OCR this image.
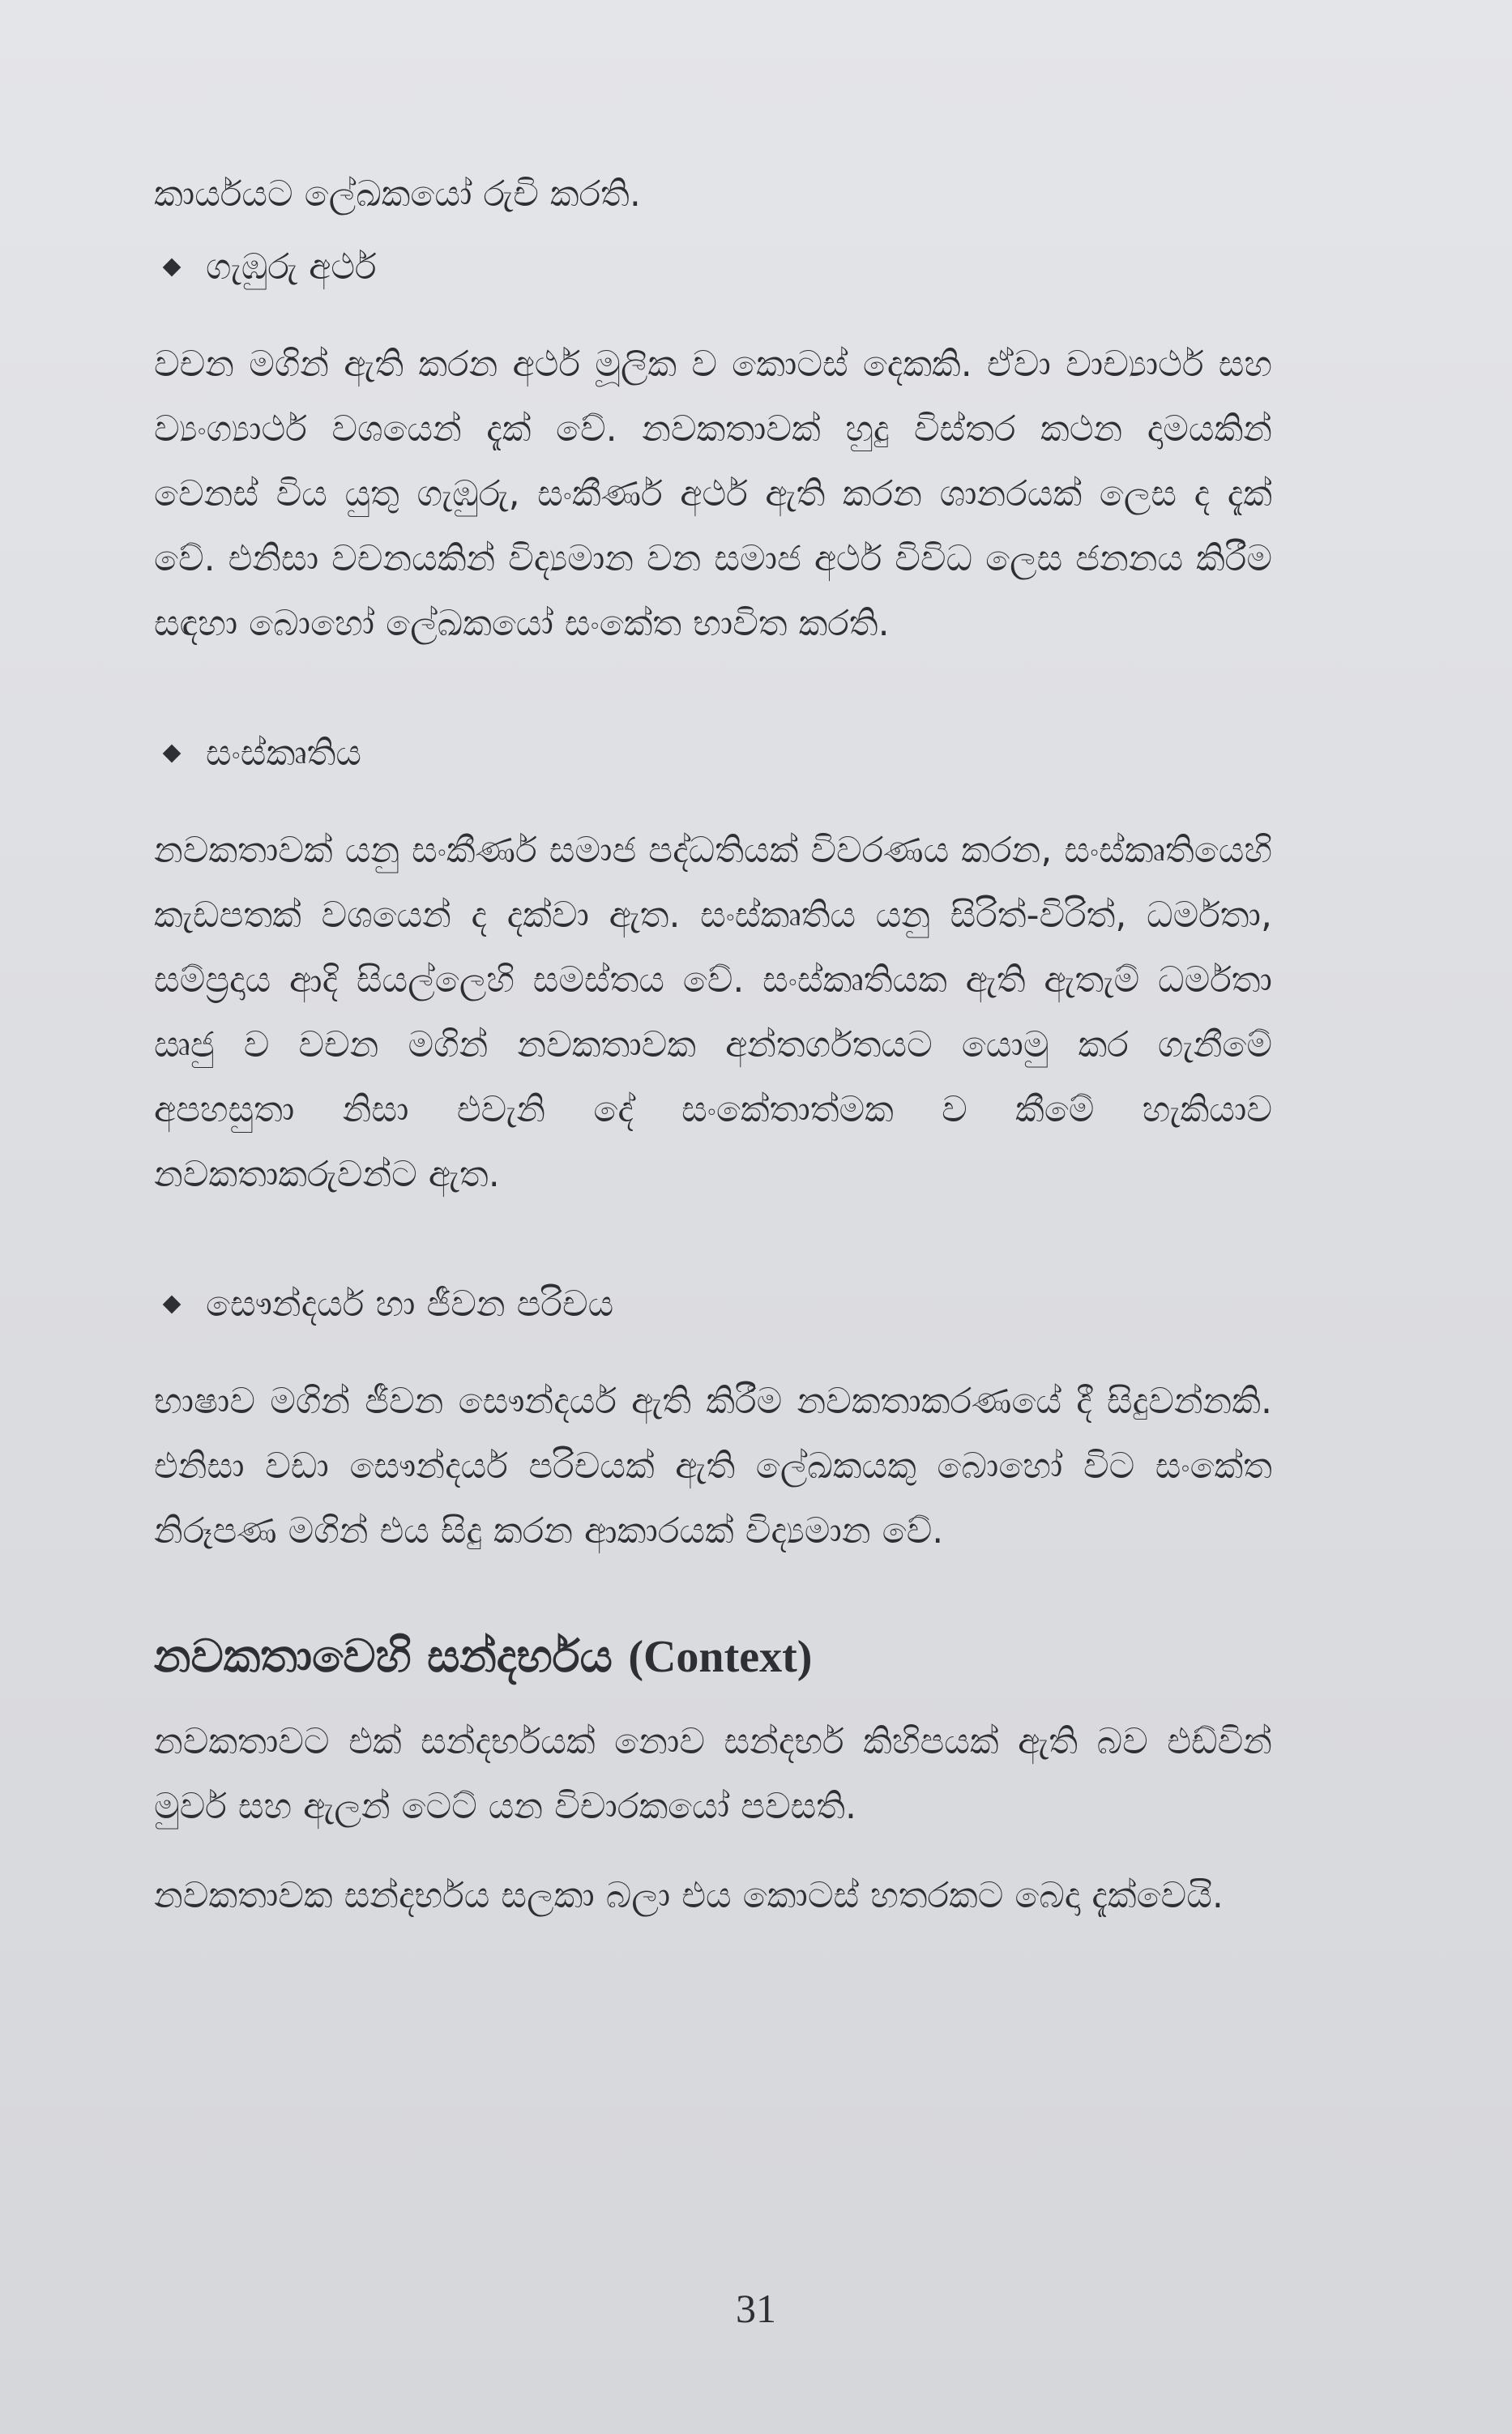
කාර්යයට ලේඛකයෝ රුචි කරති.

ගැඹුරු අර්ථ

වචන මගින් ඇති කරන අර්ථ මූලික ව කොටස් දෙකකි. ඒවා වාච්‍යාර්ථ සහ ව්‍යංග්‍යාර්ථ වශයෙන් දැක් වේ. නවකතාවක් හුදු විස්තර කථන දාමයකින් වෙනස් විය යුතු ගැඹුරු, සංකීර්ණ අර්ථ ඇති කරන ශානරයක් ලෙස ද දැක් වේ. එනිසා වචනයකින් විද්‍යමාන වන සමාජ අර්ථ විවිධ ලෙස ජනනය කිරීම සඳහා බොහෝ ලේඛකයෝ සංකේත භාවිත කරති.

සංස්කෘතිය

නවකතාවක් යනු සංකීර්ණ සමාජ පද්ධතියක් විවරණය කරන, සංස්කෘතියෙහි කැඩපතක් වශයෙන් ද දක්වා ඇත. සංස්කෘතිය යනු සිරිත්-විරිත්, ධර්මතා, සම්ප්‍රදාය ආදි සියල්ලෙහි සමස්තය වේ. සංස්කෘතියක ඇති ඇතැම් ධර්මතා ඍජු ව වචන මගින් නවකතාවක අන්තර්ගතයට යොමු කර ගැනීමේ අපහසුතා නිසා එවැනි දේ සංකේතාත්මක ව කීමේ හැකියාව නවකතාකරුවන්ට ඇත.

සෞන්දර්ය හා ජීවන පරිචය

භාෂාව මගින් ජීවන සෞන්දර්ය ඇති කිරීම නවකතාකරණයේ දී සිදුවන්නකි. එනිසා වඩා සෞන්දර්ය පරිචයක් ඇති ලේඛකයකු බොහෝ විට සංකේත නිරූපණ මගින් එය සිදු කරන ආකාරයක් විද්‍යමාන වේ.

නවකතාවෙහි සන්දර්භය (Context)

නවකතාවට එක් සන්දර්භයක් නොව සන්දර්භ කිහිපයක් ඇති බව එඩ්වින් මුවර් සහ ඇලන් ටෙට් යන විචාරකයෝ පවසති.

නවකතාවක සන්දර්භය සලකා බලා එය කොටස් හතරකට බෙදා දැක්වෙයි.

31
